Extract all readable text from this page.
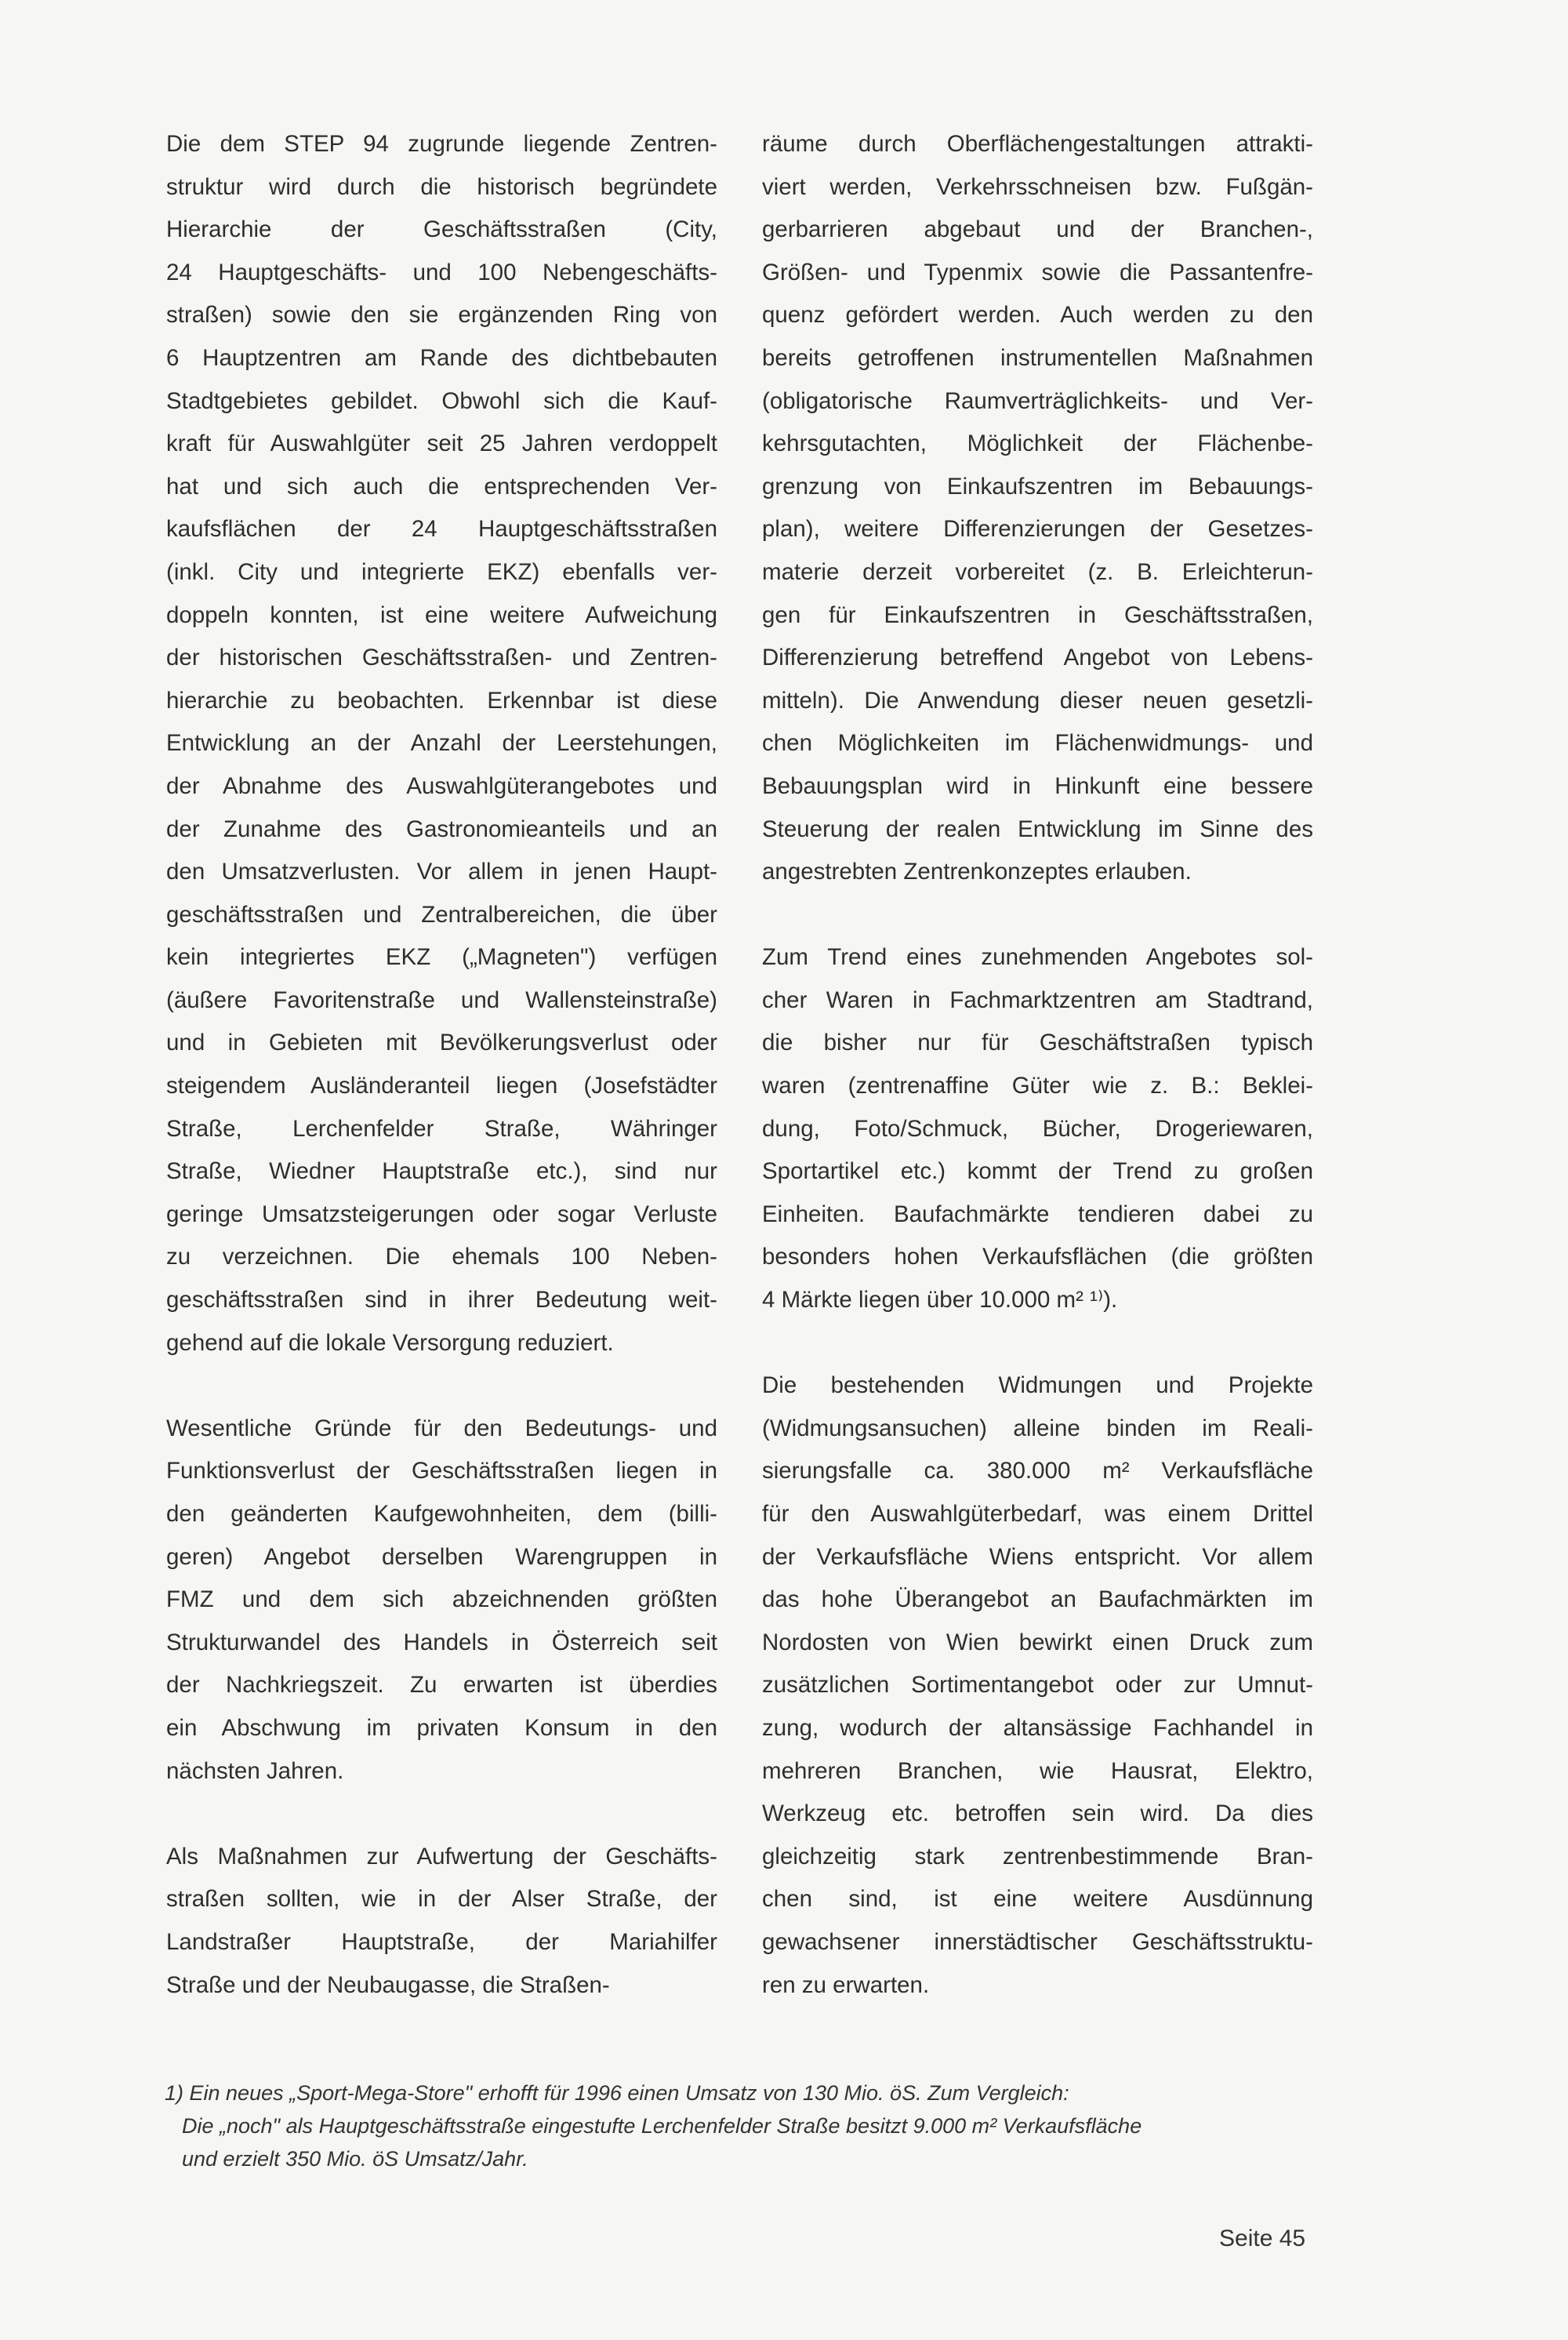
Die dem STEP 94 zugrunde liegende Zentren-
struktur wird durch die historisch begründete
Hierarchie der Geschäftsstraßen (City,
24 Hauptgeschäfts- und 100 Nebengeschäfts-
straßen) sowie den sie ergänzenden Ring von
6 Hauptzentren am Rande des dichtbebauten
Stadtgebietes gebildet. Obwohl sich die Kauf-
kraft für Auswahlgüter seit 25 Jahren verdoppelt
hat und sich auch die entsprechenden Ver-
kaufsflächen der 24 Hauptgeschäftsstraßen
(inkl. City und integrierte EKZ) ebenfalls ver-
doppeln konnten, ist eine weitere Aufweichung
der historischen Geschäftsstraßen- und Zentren-
hierarchie zu beobachten. Erkennbar ist diese
Entwicklung an der Anzahl der Leerstehungen,
der Abnahme des Auswahlgüterangebotes und
der Zunahme des Gastronomieanteils und an
den Umsatzverlusten. Vor allem in jenen Haupt-
geschäftsstraßen und Zentralbereichen, die über
kein integriertes EKZ („Magneten") verfügen
(äußere Favoritenstraße und Wallensteinstraße)
und in Gebieten mit Bevölkerungsverlust oder
steigendem Ausländeranteil liegen (Josefstädter
Straße, Lerchenfelder Straße, Währinger
Straße, Wiedner Hauptstraße etc.), sind nur
geringe Umsatzsteigerungen oder sogar Verluste
zu verzeichnen. Die ehemals 100 Neben-
geschäftsstraßen sind in ihrer Bedeutung weit-
gehend auf die lokale Versorgung reduziert.
Wesentliche Gründe für den Bedeutungs- und
Funktionsverlust der Geschäftsstraßen liegen in
den geänderten Kaufgewohnheiten, dem (billi-
geren) Angebot derselben Warengruppen in
FMZ und dem sich abzeichnenden größten
Strukturwandel des Handels in Österreich seit
der Nachkriegszeit. Zu erwarten ist überdies
ein Abschwung im privaten Konsum in den
nächsten Jahren.
Als Maßnahmen zur Aufwertung der Geschäfts-
straßen sollten, wie in der Alser Straße, der
Landstraßer Hauptstraße, der Mariahilfer
Straße und der Neubaugasse, die Straßen-
räume durch Oberflächengestaltungen attrakti-
viert werden, Verkehrsschneisen bzw. Fußgän-
gerbarrieren abgebaut und der Branchen-,
Größen- und Typenmix sowie die Passantenfre-
quenz gefördert werden. Auch werden zu den
bereits getroffenen instrumentellen Maßnahmen
(obligatorische Raumverträglichkeits- und Ver-
kehrsgutachten, Möglichkeit der Flächenbe-
grenzung von Einkaufszentren im Bebauungs-
plan), weitere Differenzierungen der Gesetzes-
materie derzeit vorbereitet (z. B. Erleichterun-
gen für Einkaufszentren in Geschäftsstraßen,
Differenzierung betreffend Angebot von Lebens-
mitteln). Die Anwendung dieser neuen gesetzli-
chen Möglichkeiten im Flächenwidmungs- und
Bebauungsplan wird in Hinkunft eine bessere
Steuerung der realen Entwicklung im Sinne des
angestrebten Zentrenkonzeptes erlauben.
Zum Trend eines zunehmenden Angebotes sol-
cher Waren in Fachmarktzentren am Stadtrand,
die bisher nur für Geschäftstraßen typisch
waren (zentrenaffine Güter wie z. B.: Beklei-
dung, Foto/Schmuck, Bücher, Drogeriewaren,
Sportartikel etc.) kommt der Trend zu großen
Einheiten. Baufachmärkte tendieren dabei zu
besonders hohen Verkaufsflächen (die größten
4 Märkte liegen über 10.000 m² ¹⁾).
Die bestehenden Widmungen und Projekte
(Widmungsansuchen) alleine binden im Reali-
sierungsfalle ca. 380.000 m² Verkaufsfläche
für den Auswahlgüterbedarf, was einem Drittel
der Verkaufsfläche Wiens entspricht. Vor allem
das hohe Überangebot an Baufachmärkten im
Nordosten von Wien bewirkt einen Druck zum
zusätzlichen Sortimentangebot oder zur Umnut-
zung, wodurch der altansässige Fachhandel in
mehreren Branchen, wie Hausrat, Elektro,
Werkzeug etc. betroffen sein wird. Da dies
gleichzeitig stark zentrenbestimmende Bran-
chen sind, ist eine weitere Ausdünnung
gewachsener innerstädtischer Geschäftsstruktu-
ren zu erwarten.
1) Ein neues „Sport-Mega-Store" erhofft für 1996 einen Umsatz von 130 Mio. öS. Zum Vergleich:
Die „noch" als Hauptgeschäftsstraße eingestufte Lerchenfelder Straße besitzt 9.000 m² Verkaufsfläche
und erzielt 350 Mio. öS Umsatz/Jahr.
Seite 45
